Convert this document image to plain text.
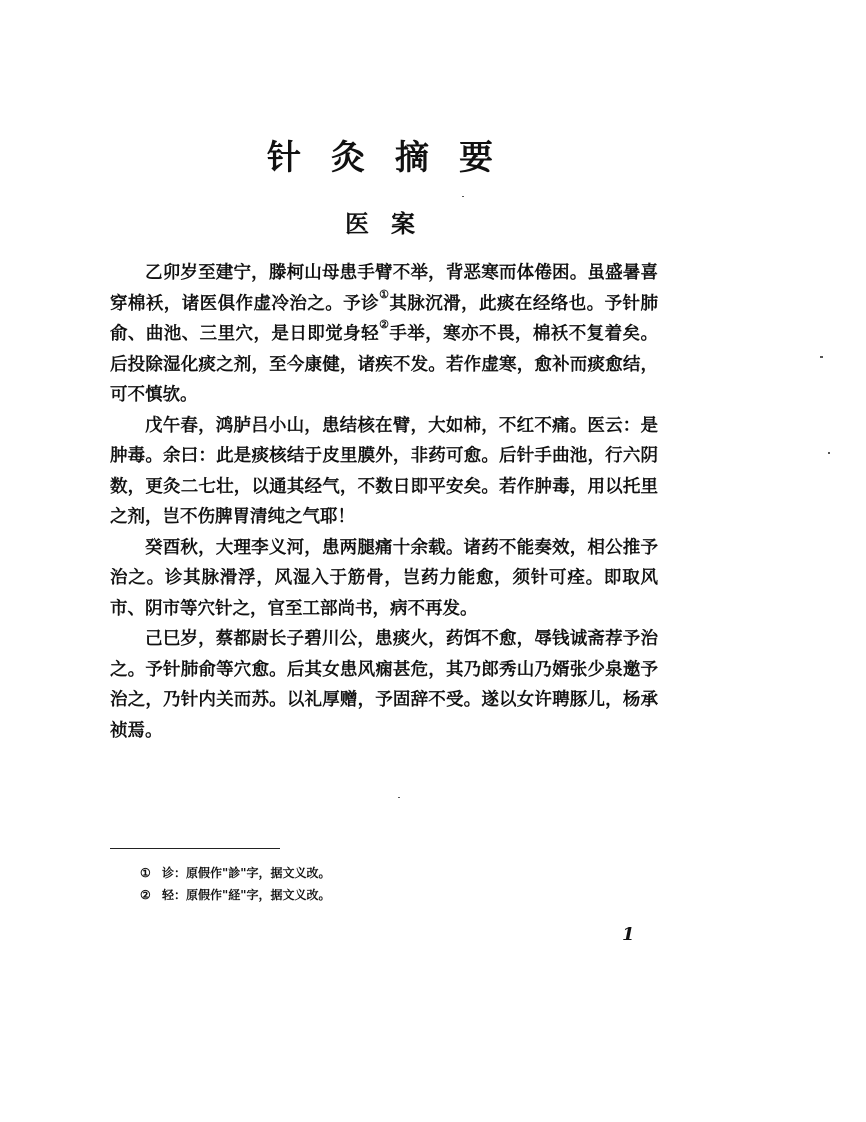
针灸摘要
医案

乙卯岁至建宁，滕柯山母患手臂不举，背恶寒而体倦困。虽盛暑喜穿棉袄，诸医俱作虚冷治之。予诊①其脉沉滑，此痰在经络也。予针肺俞、曲池、三里穴，是日即觉身轻②手举，寒亦不畏，棉袄不复着矣。后投除湿化痰之剂，至今康健，诸疾不发。若作虚寒，愈补而痰愈结，可不慎欤。

戊午春，鸿胪吕小山，患结核在臂，大如柿，不红不痛。医云：是肿毒。余曰：此是痰核结于皮里膜外，非药可愈。后针手曲池，行六阴数，更灸二七壮，以通其经气，不数日即平安矣。若作肿毒，用以托里之剂，岂不伤脾胃清纯之气耶！

癸酉秋，大理李义河，患两腿痛十余载。诸药不能奏效，相公推予治之。诊其脉滑浮，风湿入于筋骨，岂药力能愈，须针可痊。即取风市、阴市等穴针之，官至工部尚书，病不再发。

己巳岁，蔡都尉长子碧川公，患痰火，药饵不愈，辱钱诚斋荐予治之。予针肺俞等穴愈。后其女患风痫甚危，其乃郎秀山乃婿张少泉邀予治之，乃针内关而苏。以礼厚赠，予固辞不受。遂以女许聘豚儿，杨承祯焉。

① 诊：原假作"診"字，据文义改。
② 轻：原假作"経"字，据文义改。
1
